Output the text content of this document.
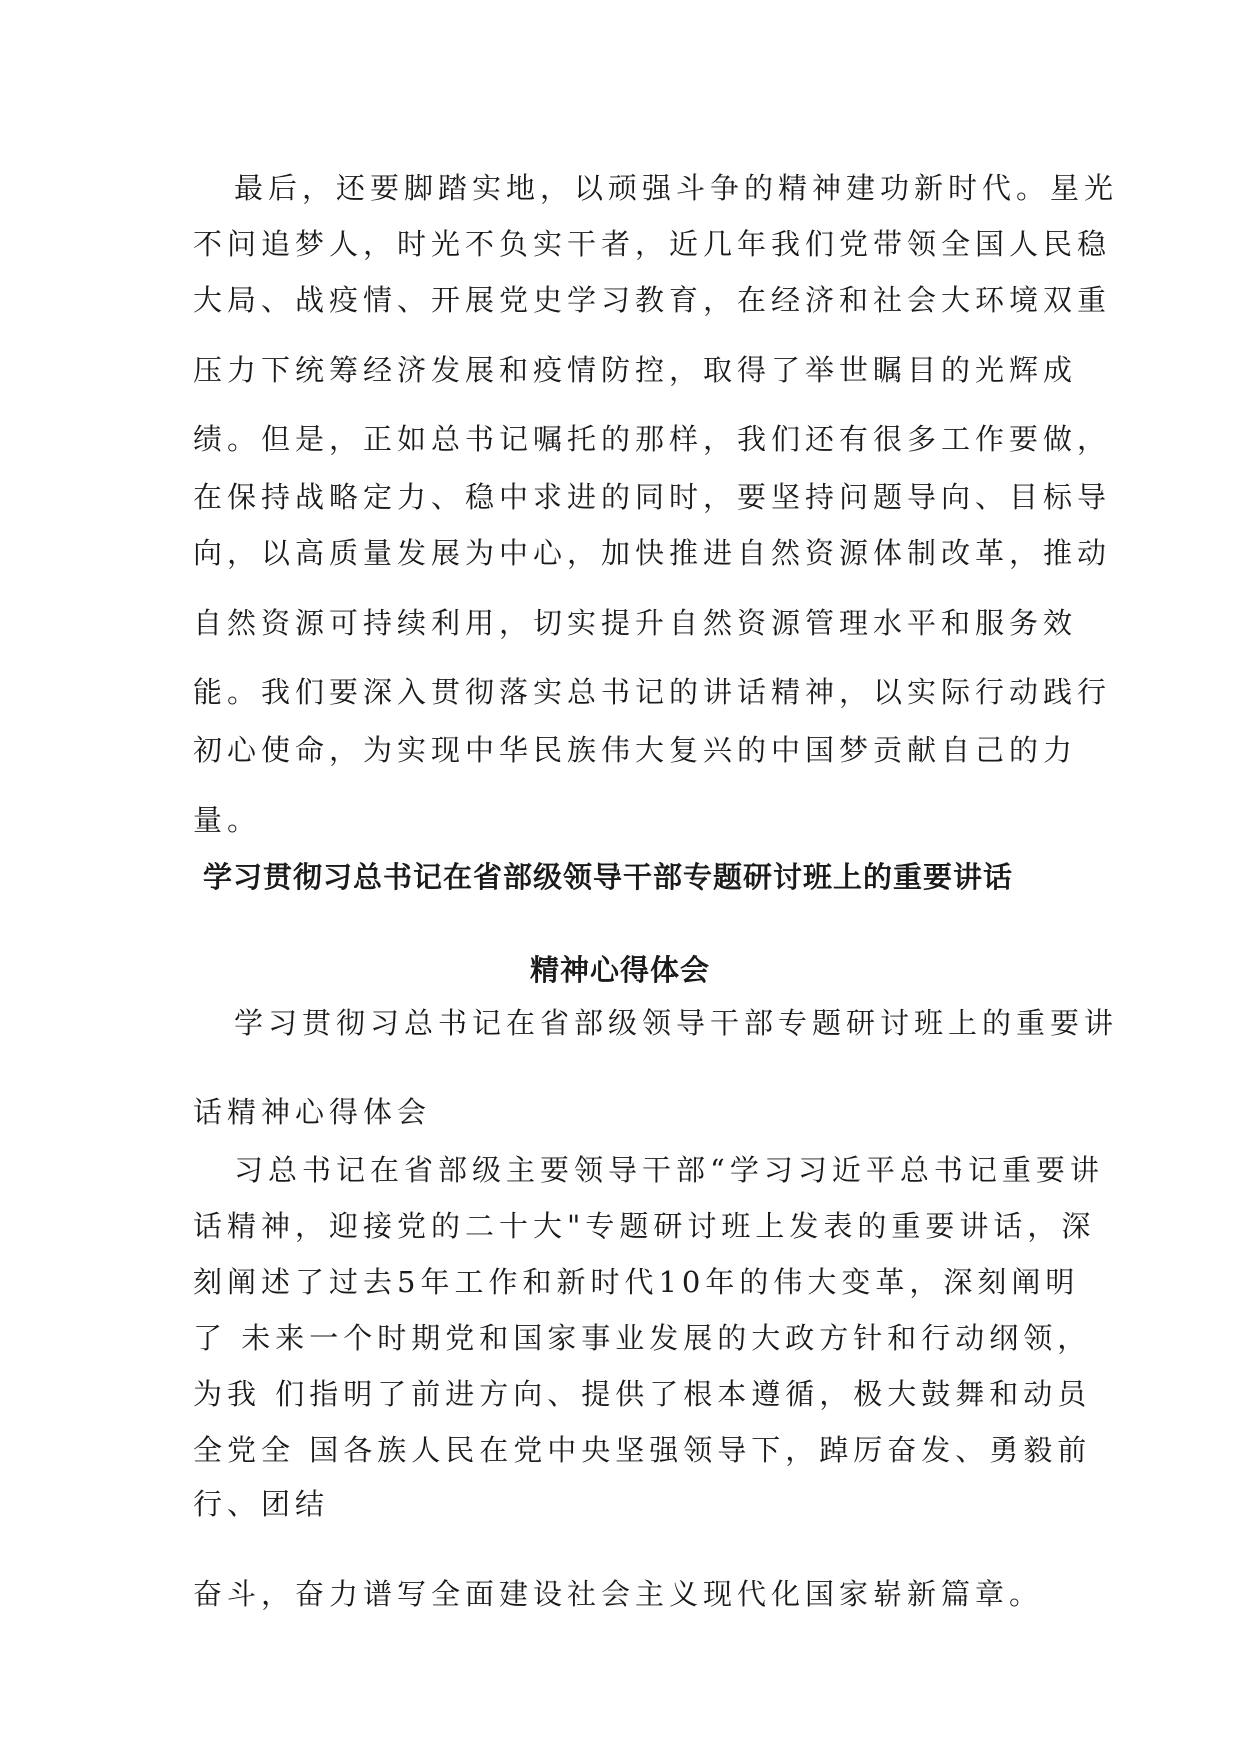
最后，还要脚踏实地，以顽强斗争的精神建功新时代。星光
不问追梦人，时光不负实干者，近几年我们党带领全国人民稳
大局、战疫情、开展党史学习教育，在经济和社会大环境双重
压力下统筹经济发展和疫情防控，取得了举世瞩目的光辉成
绩。但是，正如总书记嘱托的那样，我们还有很多工作要做，
在保持战略定力、稳中求进的同时，要坚持问题导向、目标导
向，以高质量发展为中心，加快推进自然资源体制改革，推动
自然资源可持续利用，切实提升自然资源管理水平和服务效
能。我们要深入贯彻落实总书记的讲话精神，以实际行动践行
初心使命，为实现中华民族伟大复兴的中国梦贡献自己的力
量。
学习贯彻习总书记在省部级领导干部专题研讨班上的重要讲话
精神心得体会
学习贯彻习总书记在省部级领导干部专题研讨班上的重要讲
话精神心得体会
习总书记在省部级主要领导干部“学习习近平总书记重要讲
话精神，迎接党的二十大"专题研讨班上发表的重要讲话，深
刻阐述了过去5年工作和新时代10年的伟大变革，深刻阐明
了 未来一个时期党和国家事业发展的大政方针和行动纲领，
为我 们指明了前进方向、提供了根本遵循，极大鼓舞和动员
全党全 国各族人民在党中央坚强领导下，踔厉奋发、勇毅前
行、团结
奋斗，奋力谱写全面建设社会主义现代化国家崭新篇章。
